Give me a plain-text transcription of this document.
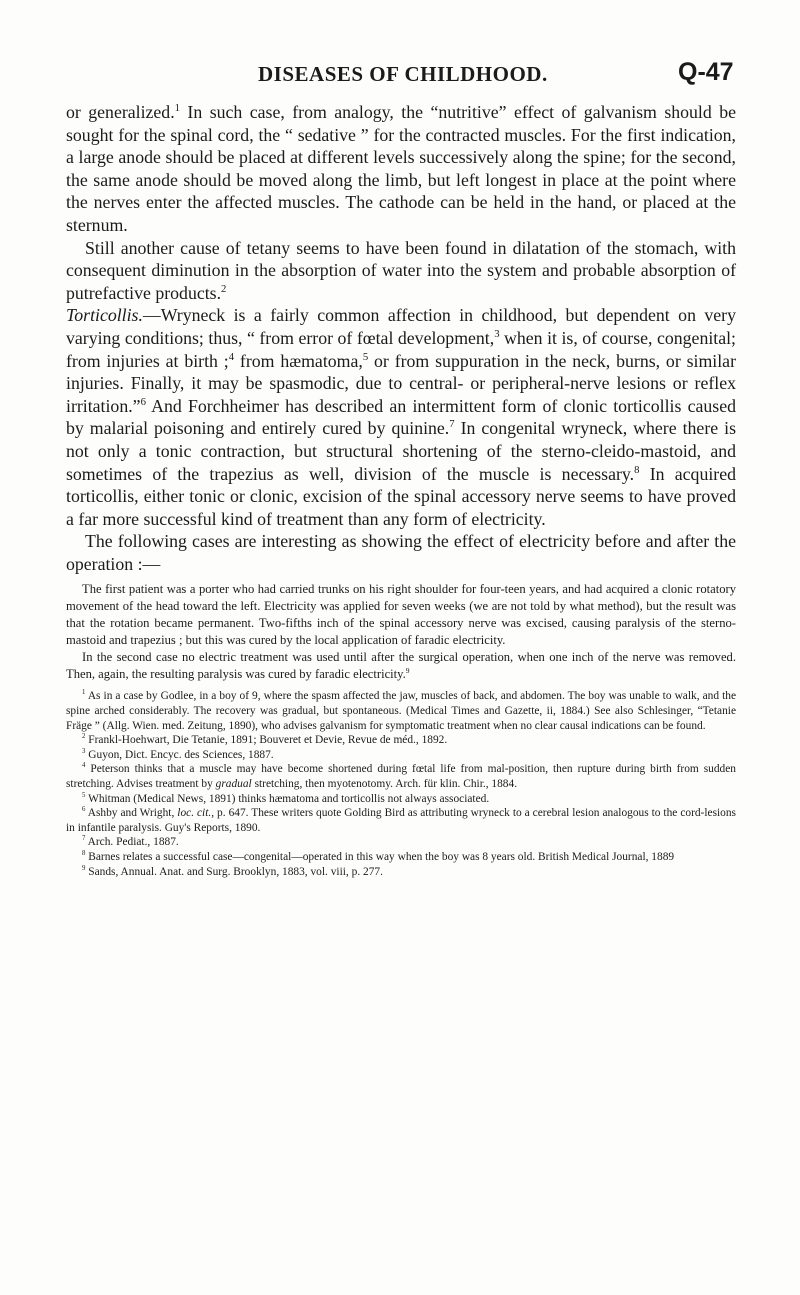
DISEASES OF CHILDHOOD.	Q-47

or generalized.$^1$ In such case, from analogy, the “nutritive” effect of galvanism should be sought for the spinal cord, the “ sedative ” for the contracted muscles. For the first indication, a large anode should be placed at different levels successively along the spine; for the second, the same anode should be moved along the limb, but left longest in place at the point where the nerves enter the affected muscles. The cathode can be held in the hand, or placed at the sternum.

Still another cause of tetany seems to have been found in dilatation of the stomach, with consequent diminution in the absorption of water into the system and probable absorption of putrefactive products.$^2$
Torticollis.—Wryneck is a fairly common affection in childhood, but dependent on very varying conditions; thus, “ from error of fœtal development,$^3$ when it is, of course, congenital; from injuries at birth ;$^4$ from hæmatoma,$^5$ or from suppuration in the neck, burns, or similar injuries. Finally, it may be spasmodic, due to central- or peripheral-nerve lesions or reflex irritation.”$^6$ And Forchheimer has described an intermittent form of clonic torticollis caused by malarial poisoning and entirely cured by quinine.$^7$ In congenital wryneck, where there is not only a tonic contraction, but structural shortening of the sterno-cleido-mastoid, and sometimes of the trapezius as well, division of the muscle is necessary.$^8$ In acquired torticollis, either tonic or clonic, excision of the spinal accessory nerve seems to have proved a far more successful kind of treatment than any form of electricity.

The following cases are interesting as showing the effect of electricity before and after the operation :—

The first patient was a porter who had carried trunks on his right shoulder for four-teen years, and had acquired a clonic rotatory movement of the head toward the left. Electricity was applied for seven weeks (we are not told by what method), but the result was that the rotation became permanent. Two-fifths inch of the spinal accessory nerve was excised, causing paralysis of the sterno-mastoid and trapezius ; but this was cured by the local application of faradic electricity.

In the second case no electric treatment was used until after the surgical operation, when one inch of the nerve was removed. Then, again, the resulting paralysis was cured by faradic electricity.$^9$

$^1$ As in a case by Godlee, in a boy of 9, where the spasm affected the jaw, muscles of back, and abdomen. The boy was unable to walk, and the spine arched considerably. The recovery was gradual, but spontaneous. (Medical Times and Gazette, ii, 1884.) See also Schlesinger, “Tetanie Fräge ” (Allg. Wien. med. Zeitung, 1890), who advises galvanism for symptomatic treatment when no clear causal indications can be found.

$^2$ Frankl-Hoehwart, Die Tetanie, 1891; Bouveret et Devie, Revue de méd., 1892.

$^3$ Guyon, Dict. Encyc. des Sciences, 1887.

$^4$ Peterson thinks that a muscle may have become shortened during fœtal life from mal-position, then rupture during birth from sudden stretching. Advises treatment by gradual stretching, then myotenotomy. Arch. für klin. Chir., 1884.

$^5$ Whitman (Medical News, 1891) thinks hæmatoma and torticollis not always associated.

$^6$ Ashby and Wright, loc. cit., p. 647. These writers quote Golding Bird as attributing wryneck to a cerebral lesion analogous to the cord-lesions in infantile paralysis. Guy's Reports, 1890.

$^7$ Arch. Pediat., 1887.

$^8$ Barnes relates a successful case—congenital—operated in this way when the boy was 8 years old. British Medical Journal, 1889

$^9$ Sands, Annual. Anat. and Surg. Brooklyn, 1883, vol. viii, p. 277.
